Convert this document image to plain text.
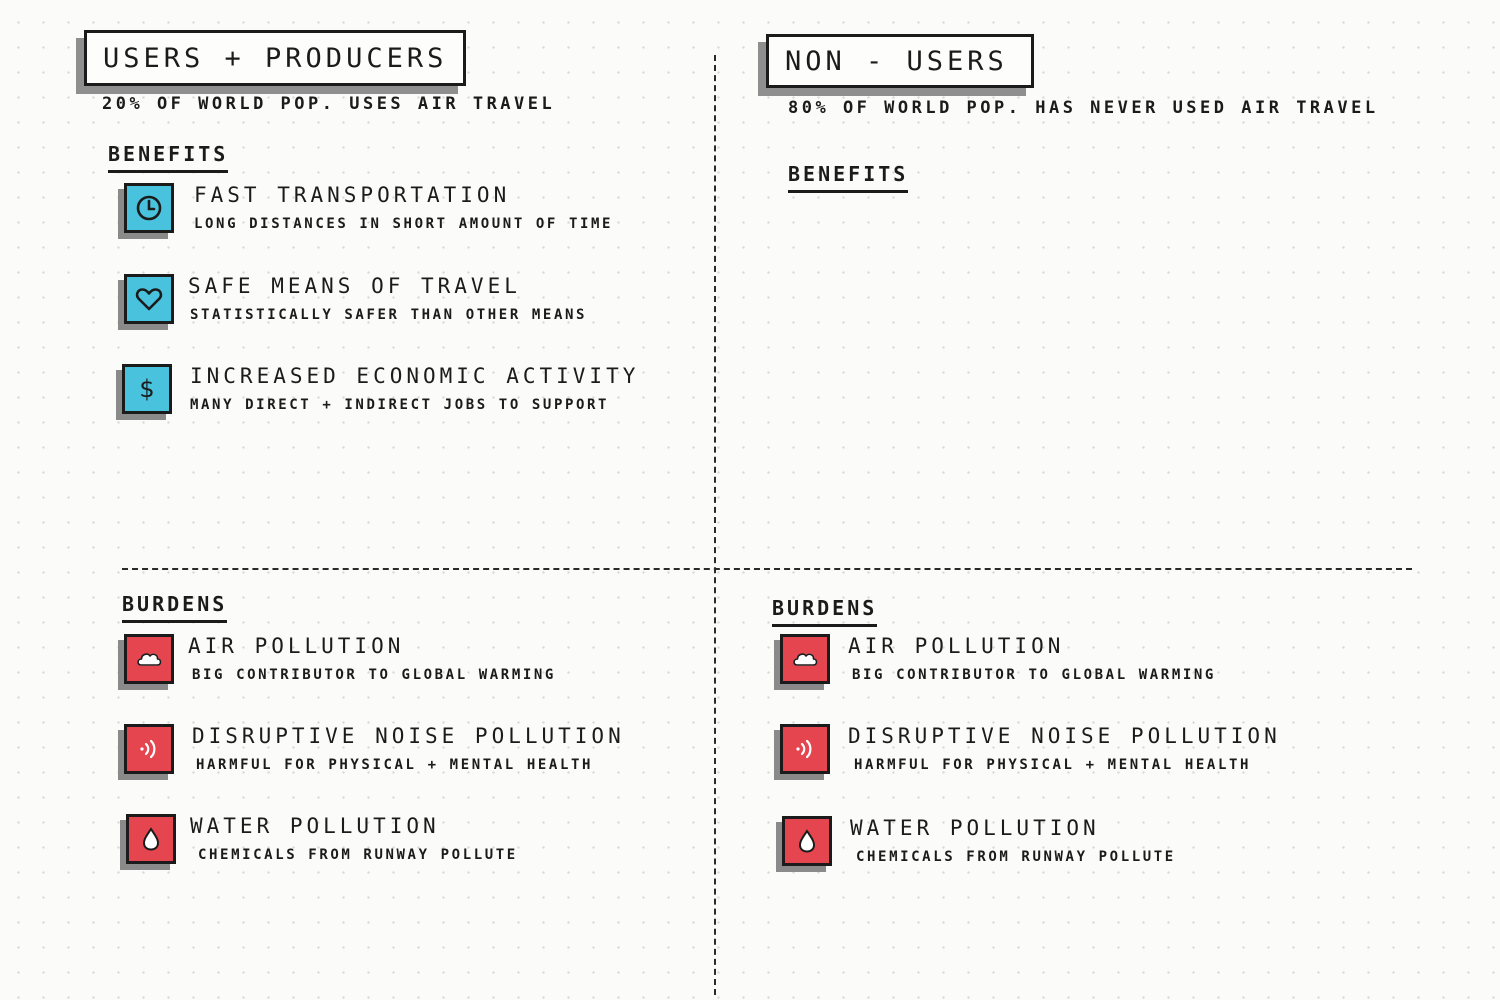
USERS + PRODUCERS
20% OF WORLD POP. USES AIR TRAVEL
BENEFITS
FAST TRANSPORTATION
LONG DISTANCES IN SHORT AMOUNT OF TIME
SAFE MEANS OF TRAVEL
STATISTICALLY SAFER THAN OTHER MEANS
$ INCREASED ECONOMIC ACTIVITY
MANY DIRECT + INDIRECT JOBS TO SUPPORT
BURDENS
AIR POLLUTION
BIG CONTRIBUTOR TO GLOBAL WARMING
DISRUPTIVE NOISE POLLUTION
HARMFUL FOR PHYSICAL + MENTAL HEALTH
WATER POLLUTION
CHEMICALS FROM RUNWAY POLLUTE
NON - USERS
80% OF WORLD POP. HAS NEVER USED AIR TRAVEL
BENEFITS
BURDENS
AIR POLLUTION
BIG CONTRIBUTOR TO GLOBAL WARMING
DISRUPTIVE NOISE POLLUTION
HARMFUL FOR PHYSICAL + MENTAL HEALTH
WATER POLLUTION
CHEMICALS FROM RUNWAY POLLUTE
